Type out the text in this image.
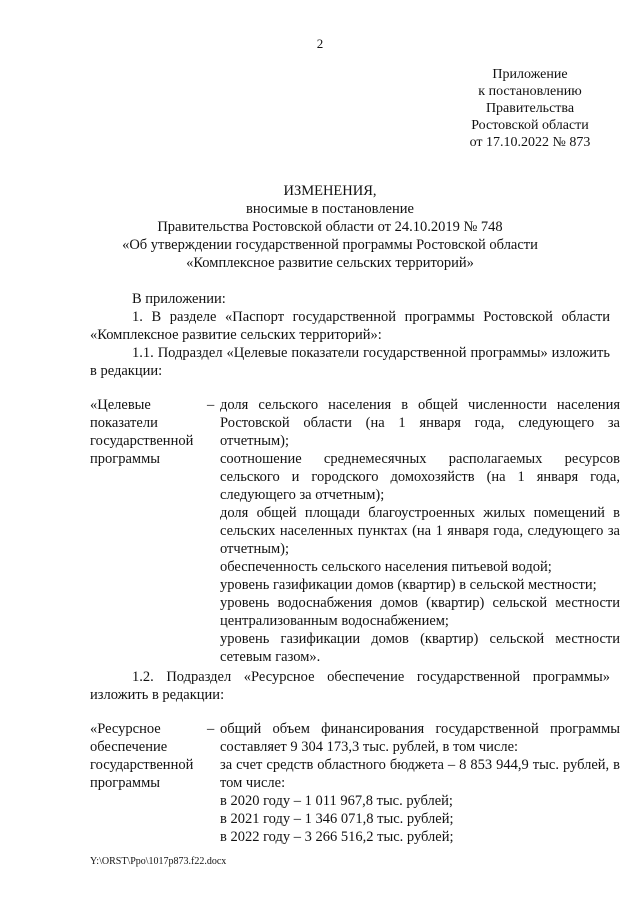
2
Приложение
к постановлению
Правительства
Ростовской области
от 17.10.2022 № 873
ИЗМЕНЕНИЯ,
вносимые в постановление
Правительства Ростовской области от 24.10.2019 № 748
«Об утверждении государственной программы Ростовской области
«Комплексное развитие сельских территорий»
В приложении:
1. В разделе «Паспорт государственной программы Ростовской области «Комплексное развитие сельских территорий»:
1.1. Подраздел «Целевые показатели государственной программы» изложить в редакции:
«Целевые
показатели
государственной
программы
– доля сельского населения в общей численности населения Ростовской области (на 1 января года, следующего за отчетным);

соотношение среднемесячных располагаемых ресурсов сельского и городского домохозяйств (на 1 января года, следующего за отчетным);

доля общей площади благоустроенных жилых помещений в сельских населенных пунктах (на 1 января года, следующего за отчетным);

обеспеченность сельского населения питьевой водой;

уровень газификации домов (квартир) в сельской местности;

уровень водоснабжения домов (квартир) сельской местности централизованным водоснабжением;

уровень газификации домов (квартир) сельской местности сетевым газом».

1.2. Подраздел «Ресурсное обеспечение государственной программы» изложить в редакции:
«Ресурсное
обеспечение
государственной
программы
– общий объем финансирования государственной программы составляет 9 304 173,3 тыс. рублей, в том числе:

за счет средств областного бюджета – 8 853 944,9 тыс. рублей, в том числе:

в 2020 году – 1 011 967,8 тыс. рублей;

в 2021 году – 1 346 071,8 тыс. рублей;

в 2022 году – 3 266 516,2 тыс. рублей;

Y:\ORST\Ppo\1017p873.f22.docx
